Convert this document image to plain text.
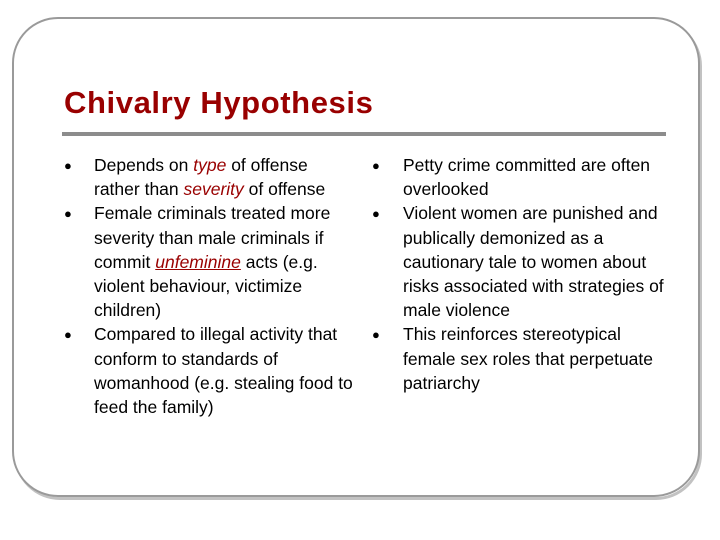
Chivalry Hypothesis
● Depends on type of offense rather than severity of offense
● Female criminals treated more severity than male criminals if commit unfeminine acts (e.g. violent behaviour, victimize children)
● Compared to illegal activity that conform to standards of womanhood (e.g. stealing food to feed the family)
● Petty crime committed are often overlooked
● Violent women are punished and publically demonized as a cautionary tale to women about risks associated with strategies of male violence
● This reinforces stereotypical female sex roles that perpetuate patriarchy
